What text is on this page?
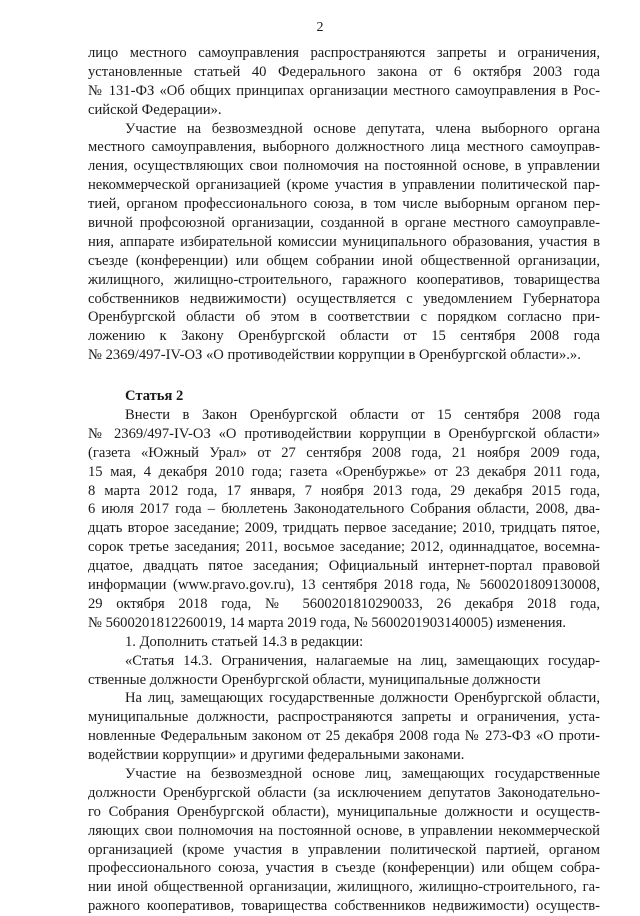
2
лицо местного самоуправления распространяются запреты и ограничения,
установленные статьей 40 Федерального закона от 6 октября 2003 года
№ 131-ФЗ «Об общих принципах организации местного самоуправления в Рос-
сийской Федерации».
Участие на безвозмездной основе депутата, члена выборного органа
местного самоуправления, выборного должностного лица местного самоуправ-
ления, осуществляющих свои полномочия на постоянной основе, в управлении
некоммерческой организацией (кроме участия в управлении политической пар-
тией, органом профессионального союза, в том числе выборным органом пер-
вичной профсоюзной организации, созданной в органе местного самоуправле-
ния, аппарате избирательной комиссии муниципального образования, участия в
съезде (конференции) или общем собрании иной общественной организации,
жилищного, жилищно-строительного, гаражного кооперативов, товарищества
собственников недвижимости) осуществляется с уведомлением Губернатора
Оренбургской области об этом в соответствии с порядком согласно при-
ложению к Закону Оренбургской области от 15 сентября 2008 года
№ 2369/497-IV-ОЗ «О противодействии коррупции в Оренбургской области».».
Статья 2
Внести в Закон Оренбургской области от 15 сентября 2008 года
№ 2369/497-IV-ОЗ «О противодействии коррупции в Оренбургской области»
(газета «Южный Урал» от 27 сентября 2008 года, 21 ноября 2009 года,
15 мая, 4 декабря 2010 года; газета «Оренбуржье» от 23 декабря 2011 года,
8 марта 2012 года, 17 января, 7 ноября 2013 года, 29 декабря 2015 года,
6 июля 2017 года – бюллетень Законодательного Собрания области, 2008, два-
дцать второе заседание; 2009, тридцать первое заседание; 2010, тридцать пятое,
сорок третье заседания; 2011, восьмое заседание; 2012, одиннадцатое, восемна-
дцатое, двадцать пятое заседания; Официальный интернет-портал правовой
информации (www.pravo.gov.ru), 13 сентября 2018 года, № 5600201809130008,
29 октября 2018 года, № 5600201810290033, 26 декабря 2018 года,
№ 5600201812260019, 14 марта 2019 года, № 5600201903140005) изменения.
1. Дополнить статьей 14.3 в редакции:
«Статья 14.3. Ограничения, налагаемые на лиц, замещающих государ-
ственные должности Оренбургской области, муниципальные должности
На лиц, замещающих государственные должности Оренбургской области,
муниципальные должности, распространяются запреты и ограничения, уста-
новленные Федеральным законом от 25 декабря 2008 года № 273-ФЗ «О проти-
водействии коррупции» и другими федеральными законами.
Участие на безвозмездной основе лиц, замещающих государственные
должности Оренбургской области (за исключением депутатов Законодательно-
го Собрания Оренбургской области), муниципальные должности и осуществ-
ляющих свои полномочия на постоянной основе, в управлении некоммерческой
организацией (кроме участия в управлении политической партией, органом
профессионального союза, участия в съезде (конференции) или общем собра-
нии иной общественной организации, жилищного, жилищно-строительного, га-
ражного кооперативов, товарищества собственников недвижимости) осуществ-
